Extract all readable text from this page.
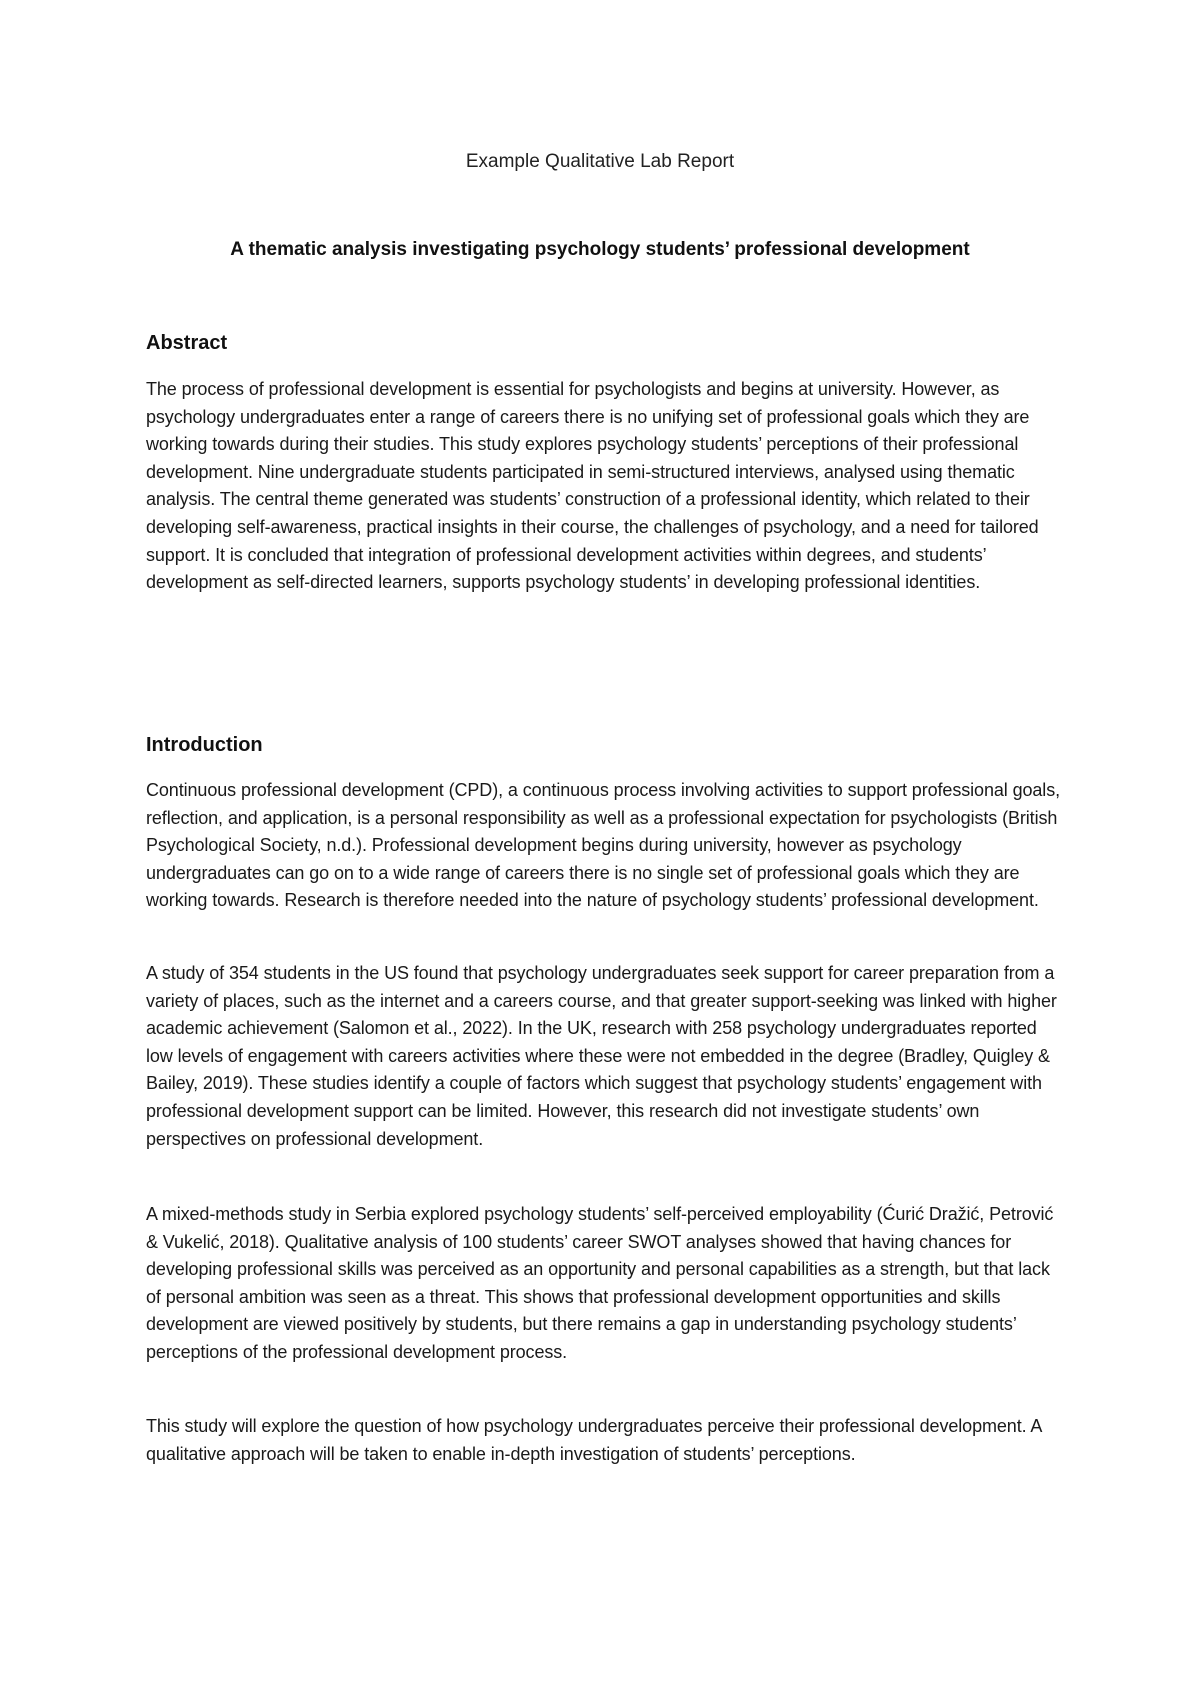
Example Qualitative Lab Report
A thematic analysis investigating psychology students’ professional development
Abstract

The process of professional development is essential for psychologists and begins at university. However, as psychology undergraduates enter a range of careers there is no unifying set of professional goals which they are working towards during their studies. This study explores psychology students’ perceptions of their professional development. Nine undergraduate students participated in semi-structured interviews, analysed using thematic analysis. The central theme generated was students’ construction of a professional identity, which related to their developing self-awareness, practical insights in their course, the challenges of psychology, and a need for tailored support. It is concluded that integration of professional development activities within degrees, and students’ development as self-directed learners, supports psychology students’ in developing professional identities.

Introduction

Continuous professional development (CPD), a continuous process involving activities to support professional goals, reflection, and application, is a personal responsibility as well as a professional expectation for psychologists (British Psychological Society, n.d.). Professional development begins during university, however as psychology undergraduates can go on to a wide range of careers there is no single set of professional goals which they are working towards. Research is therefore needed into the nature of psychology students’ professional development.

A study of 354 students in the US found that psychology undergraduates seek support for career preparation from a variety of places, such as the internet and a careers course, and that greater support-seeking was linked with higher academic achievement (Salomon et al., 2022). In the UK, research with 258 psychology undergraduates reported low levels of engagement with careers activities where these were not embedded in the degree (Bradley, Quigley & Bailey, 2019). These studies identify a couple of factors which suggest that psychology students’ engagement with professional development support can be limited. However, this research did not investigate students’ own perspectives on professional development.

A mixed-methods study in Serbia explored psychology students’ self-perceived employability (Ćurić Dražić, Petrović & Vukelić, 2018). Qualitative analysis of 100 students’ career SWOT analyses showed that having chances for developing professional skills was perceived as an opportunity and personal capabilities as a strength, but that lack of personal ambition was seen as a threat. This shows that professional development opportunities and skills development are viewed positively by students, but there remains a gap in understanding psychology students’ perceptions of the professional development process.

This study will explore the question of how psychology undergraduates perceive their professional development. A qualitative approach will be taken to enable in-depth investigation of students’ perceptions.
